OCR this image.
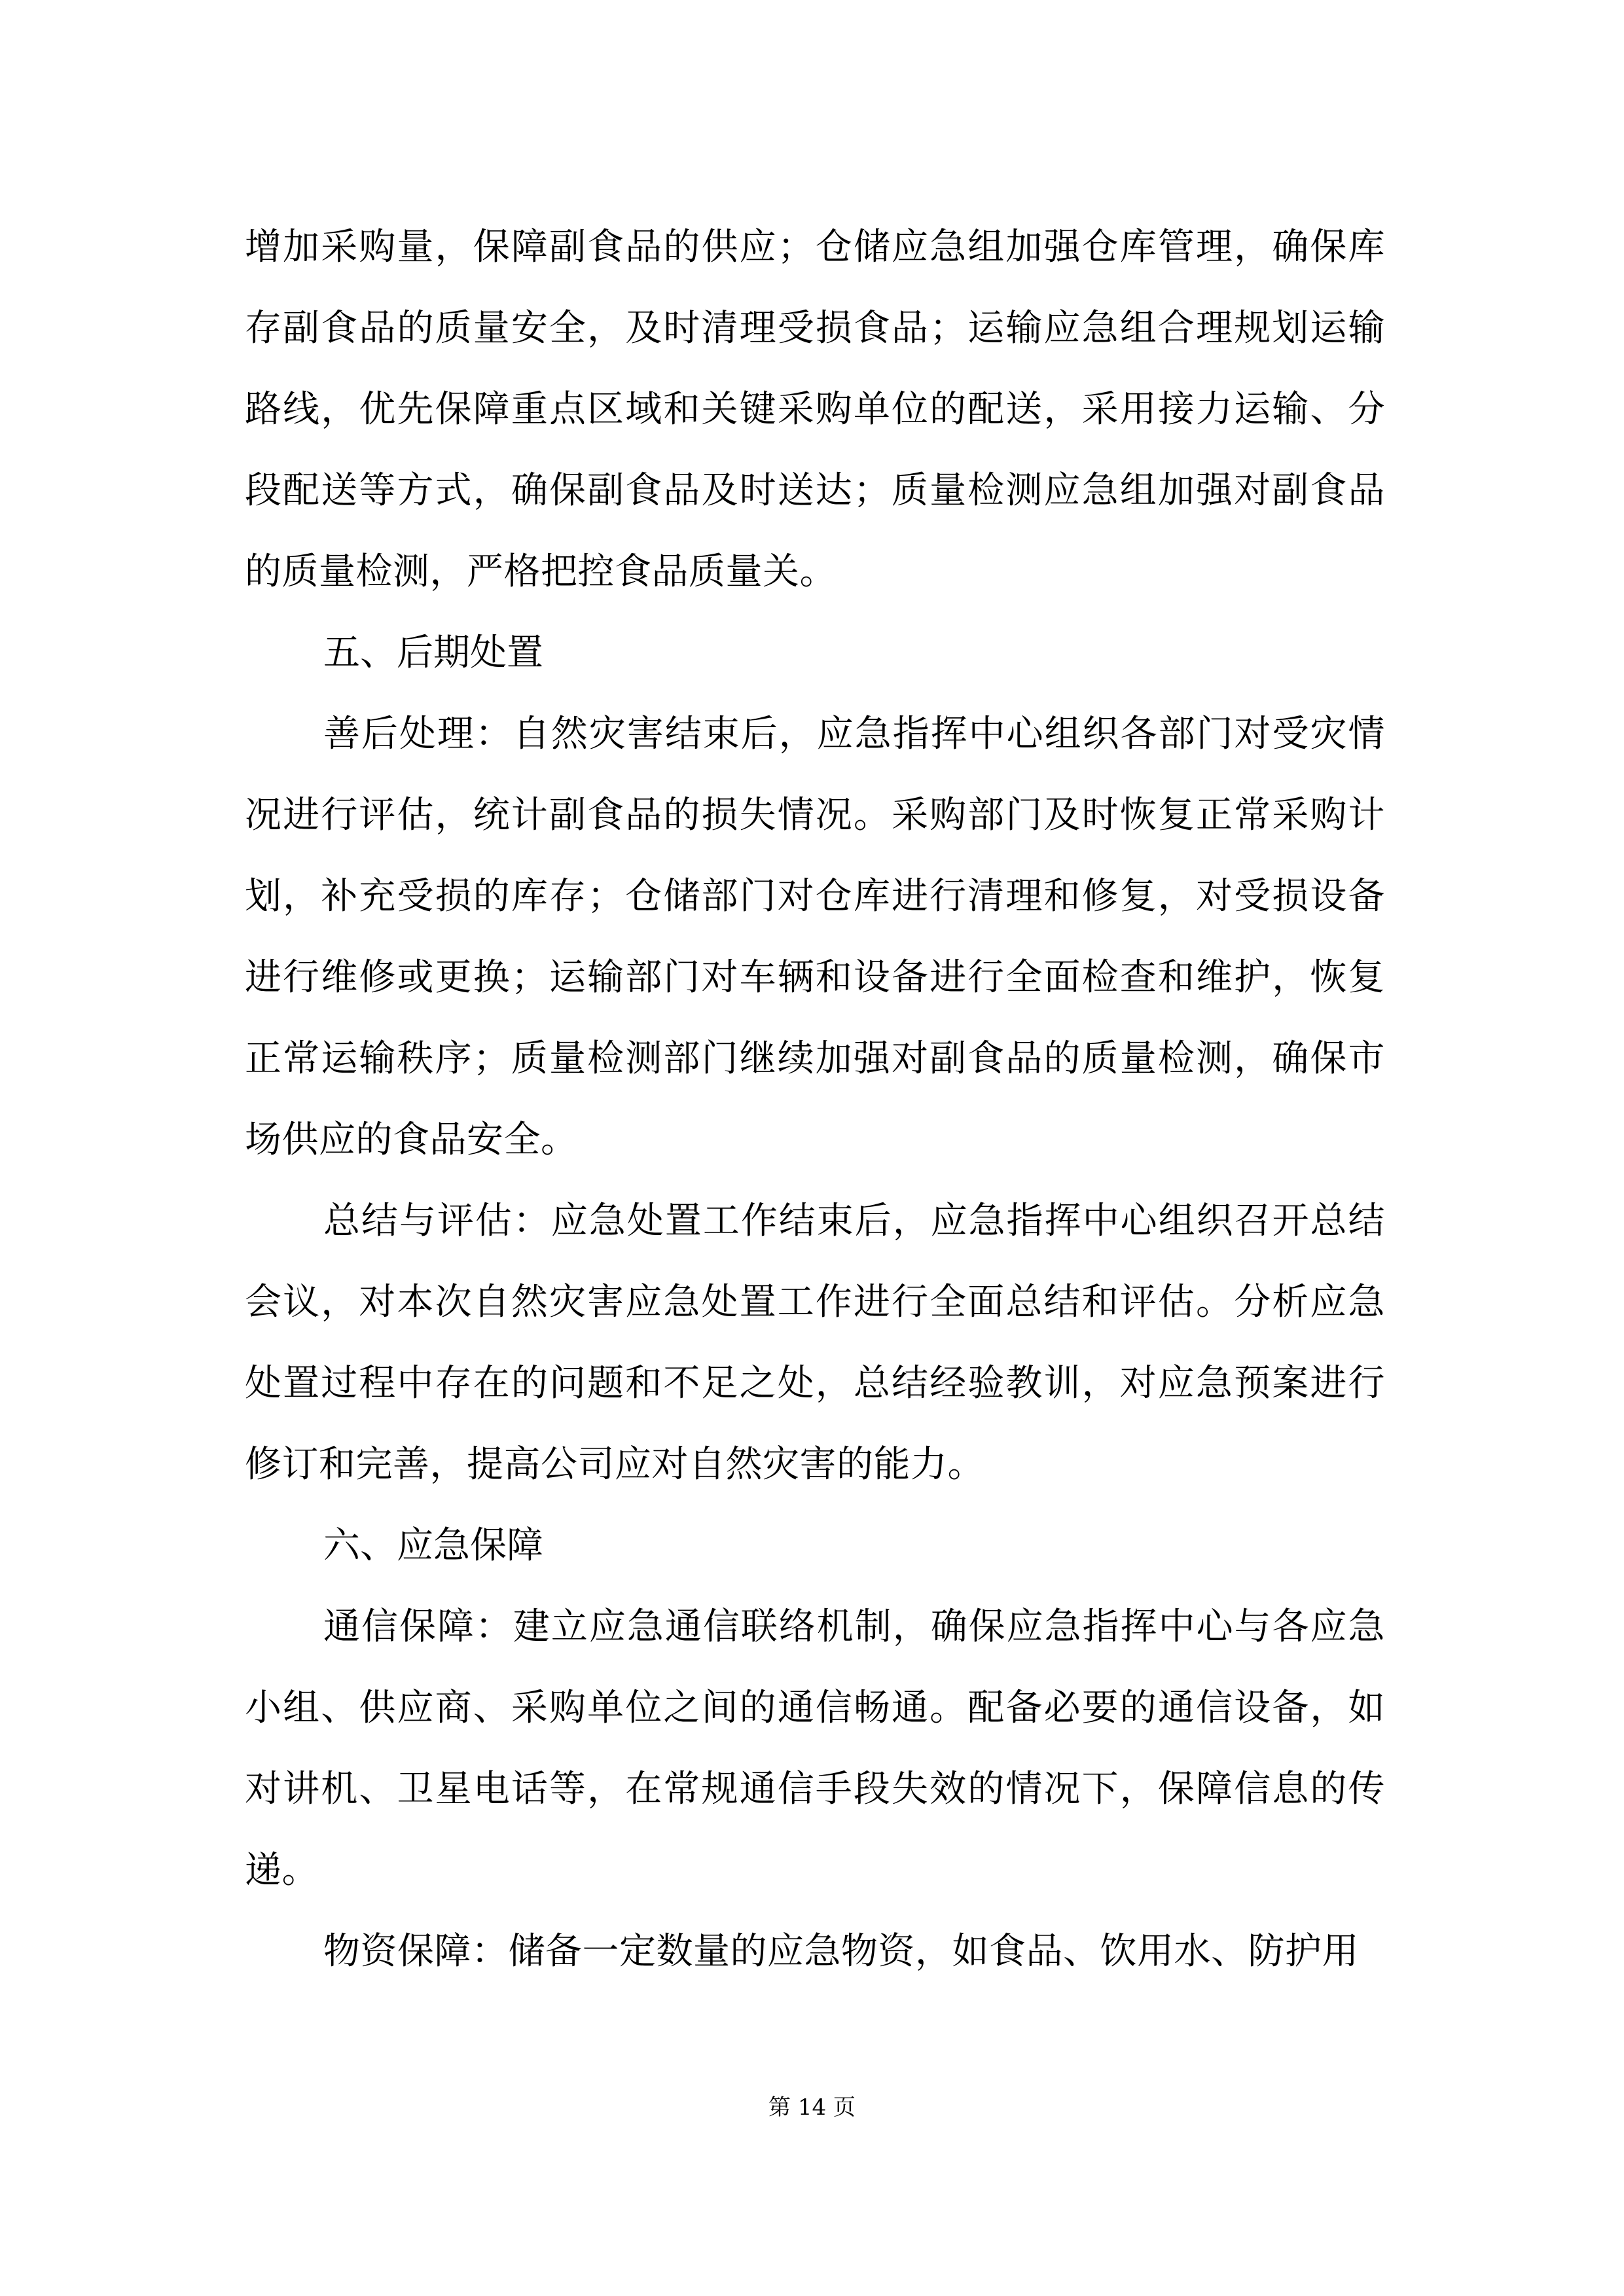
增加采购量，保障副食品的供应；仓储应急组加强仓库管理，确保库存副食品的质量安全，及时清理受损食品；运输应急组合理规划运输路线，优先保障重点区域和关键采购单位的配送，采用接力运输、分段配送等方式，确保副食品及时送达；质量检测应急组加强对副食品的质量检测，严格把控食品质量关。

五、后期处置

善后处理：自然灾害结束后，应急指挥中心组织各部门对受灾情况进行评估，统计副食品的损失情况。采购部门及时恢复正常采购计划，补充受损的库存；仓储部门对仓库进行清理和修复，对受损设备进行维修或更换；运输部门对车辆和设备进行全面检查和维护，恢复正常运输秩序；质量检测部门继续加强对副食品的质量检测，确保市场供应的食品安全。

总结与评估：应急处置工作结束后，应急指挥中心组织召开总结会议，对本次自然灾害应急处置工作进行全面总结和评估。分析应急处置过程中存在的问题和不足之处，总结经验教训，对应急预案进行修订和完善，提高公司应对自然灾害的能力。

六、应急保障

通信保障：建立应急通信联络机制，确保应急指挥中心与各应急小组、供应商、采购单位之间的通信畅通。配备必要的通信设备，如对讲机、卫星电话等，在常规通信手段失效的情况下，保障信息的传递。

物资保障：储备一定数量的应急物资，如食品、饮用水、防护用

第 14 页
